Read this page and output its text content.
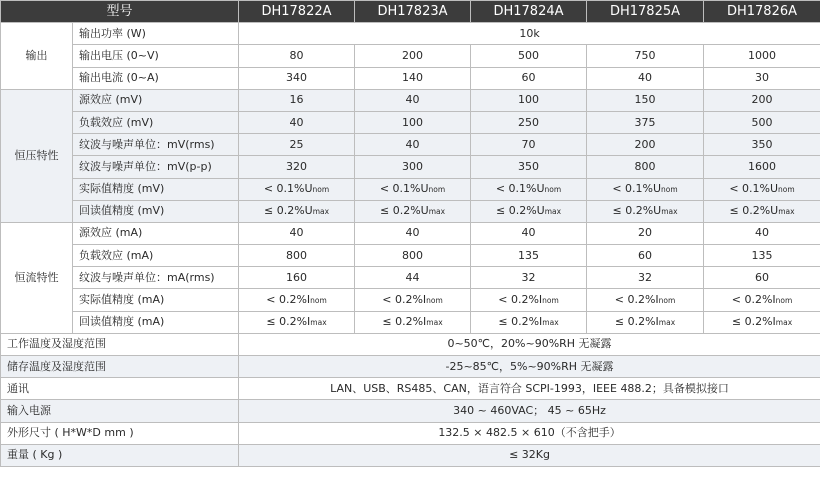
型号		DH17822A	DH17823A	DH17824A	DH17825A	DH17826A
输出	输出功率 (W)	10k				
	输出电压 (0~V)	80	200	500	750	1000
	输出电流 (0~A)	340	140	60	40	30
恒压特性	源效应 (mV)	16	40	100	150	200
	负载效应 (mV)	40	100	250	375	500
	纹波与噪声单位：mV(rms)	25	40	70	200	350
	纹波与噪声单位：mV(p-p)	320	300	350	800	1600
	实际值精度 (mV)	< 0.1%Unom	< 0.1%Unom	< 0.1%Unom	< 0.1%Unom	< 0.1%Unom
	回读值精度 (mV)	≤ 0.2%Umax	≤ 0.2%Umax	≤ 0.2%Umax	≤ 0.2%Umax	≤ 0.2%Umax
恒流特性	源效应 (mA)	40	40	40	20	40
	负载效应 (mA)	800	800	135	60	135
	纹波与噪声单位：mA(rms)	160	44	32	32	60
	实际值精度 (mA)	< 0.2%Inom	< 0.2%Inom	< 0.2%Inom	< 0.2%Inom	< 0.2%Inom
	回读值精度 (mA)	≤ 0.2%Imax	≤ 0.2%Imax	≤ 0.2%Imax	≤ 0.2%Imax	≤ 0.2%Imax
工作温度及湿度范围		0~50℃，20%~90%RH 无凝露				
储存温度及湿度范围		-25~85℃，5%~90%RH 无凝露				
通讯		LAN、USB、RS485、CAN，语言符合 SCPI-1993，IEEE 488.2；具备模拟接口				
输入电源		340 ~ 460VAC； 45 ~ 65Hz				
外形尺寸 ( H*W*D mm )		132.5 × 482.5 × 610（不含把手）				
重量 ( Kg )		≤ 32Kg				
